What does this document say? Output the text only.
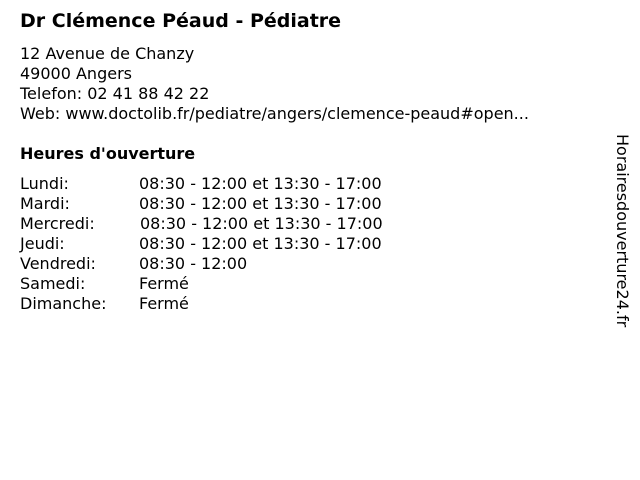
Dr Clémence Péaud - Pédiatre
12 Avenue de Chanzy
49000 Angers
Telefon: 02 41 88 42 22
Web: www.doctolib.fr/pediatre/angers/clemence-peaud#open...
Heures d'ouverture
Lundi:	08:30 - 12:00 et 13:30 - 17:00
Mardi:	08:30 - 12:00 et 13:30 - 17:00
Mercredi:	08:30 - 12:00 et 13:30 - 17:00
Jeudi:	08:30 - 12:00 et 13:30 - 17:00
Vendredi:	08:30 - 12:00
Samedi:	Fermé
Dimanche:	Fermé	Horairesdouverture24.fr
